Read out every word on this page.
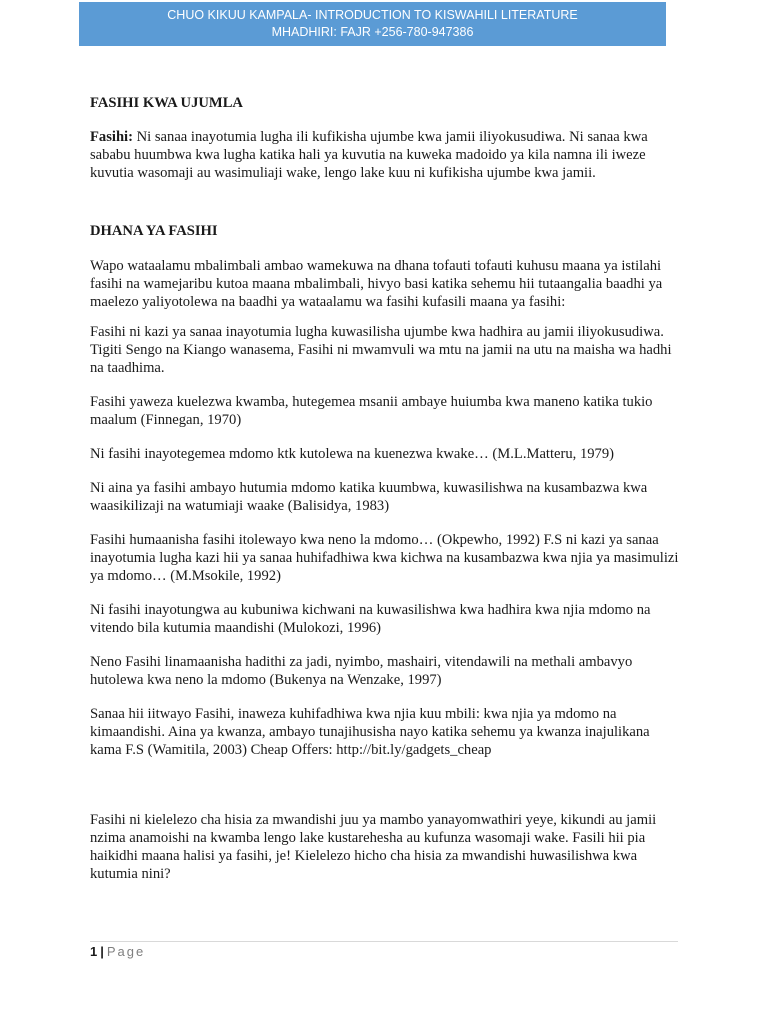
CHUO KIKUU KAMPALA- INTRODUCTION TO KISWAHILI LITERATURE
MHADHIRI: FAJR +256-780-947386

FASIHI KWA UJUMLA

Fasihi: Ni sanaa inayotumia lugha ili kufikisha ujumbe kwa jamii iliyokusudiwa. Ni sanaa kwa sababu huumbwa kwa lugha katika hali ya kuvutia na kuweka madoido ya kila namna ili iweze kuvutia wasomaji au wasimuliaji wake, lengo lake kuu ni kufikisha ujumbe kwa jamii.

DHANA YA FASIHI

Wapo wataalamu mbalimbali ambao wamekuwa na dhana tofauti tofauti kuhusu maana ya istilahi fasihi na wamejaribu kutoa maana mbalimbali, hivyo basi katika sehemu hii tutaangalia baadhi ya maelezo yaliyotolewa na baadhi ya wataalamu wa fasihi kufasili maana ya fasihi:

Fasihi ni kazi ya sanaa inayotumia lugha kuwasilisha ujumbe kwa hadhira au jamii iliyokusudiwa.

Tigiti Sengo na Kiango wanasema, Fasihi ni mwamvuli wa mtu na jamii na utu na maisha wa hadhi na taadhima.

Fasihi yaweza kuelezwa kwamba, hutegemea msanii ambaye huiumba kwa maneno katika tukio maalum (Finnegan, 1970)

Ni fasihi inayotegemea mdomo ktk kutolewa na kuenezwa kwake… (M.L.Matteru, 1979)

Ni aina ya fasihi ambayo hutumia mdomo katika kuumbwa, kuwasilishwa na kusambazwa kwa waasikilizaji na watumiaji waake (Balisidya, 1983)

Fasihi humaanisha fasihi itolewayo kwa neno la mdomo… (Okpewho, 1992) F.S ni kazi ya sanaa inayotumia lugha kazi hii ya sanaa huhifadhiwa kwa kichwa na kusambazwa kwa njia ya masimulizi ya mdomo… (M.Msokile, 1992)

Ni fasihi inayotungwa au kubuniwa kichwani na kuwasilishwa kwa hadhira kwa njia mdomo na vitendo bila kutumia maandishi (Mulokozi, 1996)

Neno Fasihi linamaanisha hadithi za jadi, nyimbo, mashairi, vitendawili na methali ambavyo hutolewa kwa neno la mdomo (Bukenya na Wenzake, 1997)

Sanaa hii iitwayo Fasihi, inaweza kuhifadhiwa kwa njia kuu mbili: kwa njia ya mdomo na kimaandishi. Aina ya kwanza, ambayo tunajihusisha nayo katika sehemu ya kwanza inajulikana kama F.S (Wamitila, 2003) Cheap Offers: http://bit.ly/gadgets_cheap

Fasihi ni kielelezo cha hisia za mwandishi juu ya mambo yanayomwathiri yeye, kikundi au jamii nzima anamoishi na kwamba lengo lake kustarehesha au kufunza wasomaji wake. Fasili hii pia haikidhi maana halisi ya fasihi, je! Kielelezo hicho cha hisia za mwandishi huwasilishwa kwa kutumia nini?

1 | Page
